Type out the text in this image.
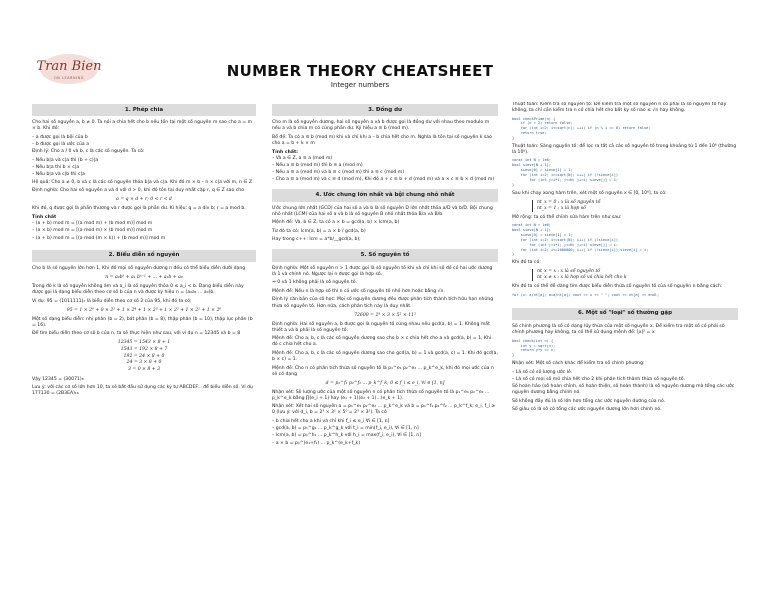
Tran Bien
ON LEARNING	NUMBER THEORY CHEATSHEET
Integer numbers
1. Phép chia
Cho hai số nguyên a, b ≠ 0. Ta nói a chia hết cho b nếu tồn tại một số nguyên m sao cho a = m × b. Khi đó:
– a được gọi là bội của b
– b được gọi là ước của a
Định lý: Cho a / 0 và b, c là các số nguyên. Ta có:
– Nếu b|a và c|a thì (b + c)|a
– Nếu b|a thì b × c|a
– Nếu b|a và c|b thì c|a
Hệ quả: Cho a ≠ 0, b và c là các số nguyên thỏa b|a và c|a. Khi đó m × b – n × c|a với m, n ∈ Z
Định nghĩa: Cho hai số nguyên a và d với d > 0, khi đó tồn tại duy nhất cặp r, q ∈ Z sao cho
a = q × d + r; 0 < r < d
Khi đó, q được gọi là phần thương và r được gọi là phần dư. Kí hiệu: q = a div b; r = a mod b.
Tính chất
– (a + b) mod m = [(a mod m) + (b mod m)] mod m
– (a × b) mod m = [(a mod m) × (b mod m)] mod m
– (a + b) mod m = [(a mod (m × k)) + (b mod m)] mod m
2. Biểu diễn số nguyên
Cho b là số nguyên lớn hơn 1, Khi đó mọi số nguyên dương n đều có thể biểu diễn dưới dạng
n = a₀bᵏ + a₁ bᵏ⁻¹ + ... + a₁b + a₀
Trong đó k là số nguyên không âm và a_i là số nguyên thỏa 0 ≤ a_i < b. Dạng biểu diễn này được gọi là dạng biểu diễn theo cơ số b của n và được ký hiệu n = (a₀a₁ ... a₀)b.
Ví dụ: 95 = (1011111)₂ là biểu diễn theo cơ số 2 của 95, khi đó ta có:
95 = 1 × 2⁶ + 0 × 2⁵ + 1 × 2⁴ + 1 × 2³ + 1 × 2² + 1 × 2¹ + 1 × 2⁰
Một số dạng biểu diễn: nhị phân (b = 2), bát phân (b = 8), thập phân (b = 10), thập lục phân (b = 16).
Để tìm biểu diễn theo cơ số b của n, ta sẽ thực hiện như sau, với ví dụ n = 12345 và b = 8
12345 = 1543 × 8 + 1
1543 = 192 × 8 + 7
192 = 24 × 8 + 0
24 = 3 × 8 + 0
3 = 0 × 8 + 3
Vậy 12345 = (30071)₈
Lưu ý: với các cơ số lớn hơn 10, ta sẽ bắt đầu sử dụng các ký tự ABCDEF... để biểu diễn số. Ví dụ 177130 = (2B3EA)₁₆
3. Đồng dư
Cho m là số nguyên dương, hai số nguyên a và b được gọi là đồng dư với nhau theo modulo m nếu a và b chia m có cùng phần dư. Ký hiệu a ≡ b (mod m).
Bổ đề: Ta có a ≡ b (mod m) khi và chỉ khi a – b chia hết cho m. Nghĩa là tồn tại số nguyên k sao cho a = b + k × m
Tính chất:
– Và a ∈ Z, a ≡ a (mod m)
– Nếu a ≡ b (mod m) thì b ≡ a (mod m)
– Nếu a ≡ a (mod m) và b ≡ c (mod m) thì a ≡ c (mod m)
– Cho a ≡ a (mod m) và c ≡ d (mod m), Khi đó a + c ≡ b + d (mod m) và a × c ≡ b × d (mod m)
4. Ước chung lớn nhất và bội chung nhỏ nhất
Ước chung lớn nhất (GCD) của hai số a và b là số nguyên D lớn nhất thỏa a/D và b/D. Bội chung nhỏ nhất (LCM) của hai số a và b là số nguyên B nhỏ nhất thỏa B/a và B/b.
Mệnh đề: Và, b ∈ Z, ta có a × b = gcd(a, b) × lcm(a, b)
Từ đó ta có: lcm(a, b) = a × b / gcd(a, b)
Hay trong c++: lcm = a*b/__gcd(a, b);
5. Số nguyên tố
Định nghĩa: Một số nguyên n > 1 được gọi là số nguyên tố khi và chỉ khi số đó có hai ước dương là 1 và chính nó. Ngược lại n được gọi là hợp số.
⇒ 0 và 1 không phải là số nguyên tố.
Mệnh đề: Nếu n là hợp số thì n có ước số nguyên tố nhỏ hơn hoặc bằng √n.
Định lý căn bản của số học: Mọi số nguyên dương đều được phân tích thành tích hữu hạn những thừa số nguyên tố. Hơn nữa, cách phân tích này là duy nhất.
72600 = 2³ × 3 × 5² × 11²
Định nghĩa: Hai số nguyên a, b được gọi là nguyên tố cùng nhau nếu gcd(a, b) = 1. Không mất thiết a và b phải là số nguyên tố.
Mệnh đề: Cho a, b, c là các số nguyên dương sao cho b × c chia hết cho a và gcd(a, b) = 1, Khi đó c chia hết cho a.
Mệnh đề: Cho a, b, c là các số nguyên dương sao cho gcd(a, b) = 1 và gcd(a, c) = 1. Khi đó gcd(a, b × c) = 1.
Mệnh đề: Cho n có phân tích thừa số nguyên tố là p₁^e₁ p₂^e₂ ... p_k^e_k, khi đó mọi ước của n sẽ có dạng
d = p₁^f₁ p₂^f₂ ... p_k^f_k; 0 ≤ f_i ≤ e_i, ∀i ∈ [1, n]
Nhận xét: Số lượng ước của một số nguyên n có phân tích thừa số nguyên tố là p₁^e₁ p₂^e₂ ... p_k^e_k bằng ∏(e_i + 1) hay (e₁ + 1)(e₂ + 1)...(e_k + 1).
Nhận xét: Xét hai số nguyên a = p₁^e₁ p₂^e₂ ... p_k^e_k và b = p₁^f₁ p₂^f₂ ... p_k^f_k; e_i, f_i ≥ 0 (lưu ý: với d_i, b = 2³ × 3¹ × 5⁰ = 2³ × 3¹). Ta có
– b chia hết cho a khi và chỉ khi f_i ≤ e_i ∀i ∈ [1, n]
– gcd(a, b) = p₁^g₁ ... p_k^g_k với t_i = min(f_i, e_i), ∀i ∈ [1, n]
– lcm(a, b) = p₁^h₁ ... p_k^h_k với h_i = max(f_i, e_i), ∀i ∈ [1, n]
– a × b = p₁^(e₁+f₁) ... p_k^(e_k+f_k)
Thuật toán: Kiểm tra số nguyên tố: Để kiểm tra một số nguyên n có phải là số nguyên tố hay không, ta chỉ cần kiểm tra n có chia hết cho bất kỳ số nào ≤ √n hay không.
bool checkPrime(n) {
if (n < 2) return false;
for (int i=2; i<=sqrt(n); ++i) if (n % i == 0) return false;
return true;
}
Thuật toán: Sàng nguyên tố: để lọc ra tất cả các số nguyên tố trong khoảng từ 1 đến 10⁶ (thường là 10⁶).
const int N = 1e6;
bool sieve[N + 1];
sieve[0] = sieve[1] = 1;
for (int i=2; i<=sqrt(N); i++) if (!sieve[i])
for (int j=i*i; j<=N; j+=i) sieve[j] = 1;
}
Sau khi chạy xong hàm trên, xét một số nguyên x ∈ [0, 10⁶], ta có:
nt_x = 0 : x là số nguyên tố
nt_x = 1 : x là hợp số
Mở rộng: ta có thể chỉnh sửa hàm trên như sau:
const int N = 1e6;
bool sieve[N + 1];
sieve[0] = sieve[1] = 1;
for (int i=2; i<=sqrt(N); i++) if (!sieve[i])
for (int j=i*i; j<=N; j+=i) sieve[j] = i;
for (int i=2; i<=1000000; i++) if (!sieve[i]) sieve[i] = i;
}
Khi đó ta có:
nt_x = x : x là số nguyên tố
nt_x ≠ x : x là hợp số và chia hết cho k
Khi đó ta có thể dễ dàng tìm được biểu diễn thừa số nguyên tố của số nguyên n bằng cách:
for (x: a/nt[a]; a=a/nt[a]) cout << x << " "; cout << nt[a] << endl;
6. Một số "loại" số thường gặp
Số chính phương là số có dạng lũy thừa của một số nguyên x. Để kiểm tra một số có phải số chính phương hay không, ta có thể sử dụng mệnh đề: ⌊x⌋² = x
bool check(int n) {
int y = sqrt(n);
return y*y == n;
}
Nhận xét: Một số cách khác để kiểm tra số chính phương:
– Là số có số lượng ước lẻ.
– Là số có mọi số mũ chia hết cho 2 khi phân tích thành thừa số nguyên tố.
Số hoàn hảo (số hoàn chỉnh, số hoàn thiện, số hoàn thành) là số nguyên dương mà tổng các ước nguyên dương bằng chính nó.
Số không đầy đủ là số lớn hơn tổng các ước nguyên dương của nó.
Số giàu có là số có tổng các ước nguyên dương lớn hơn chính nó.
